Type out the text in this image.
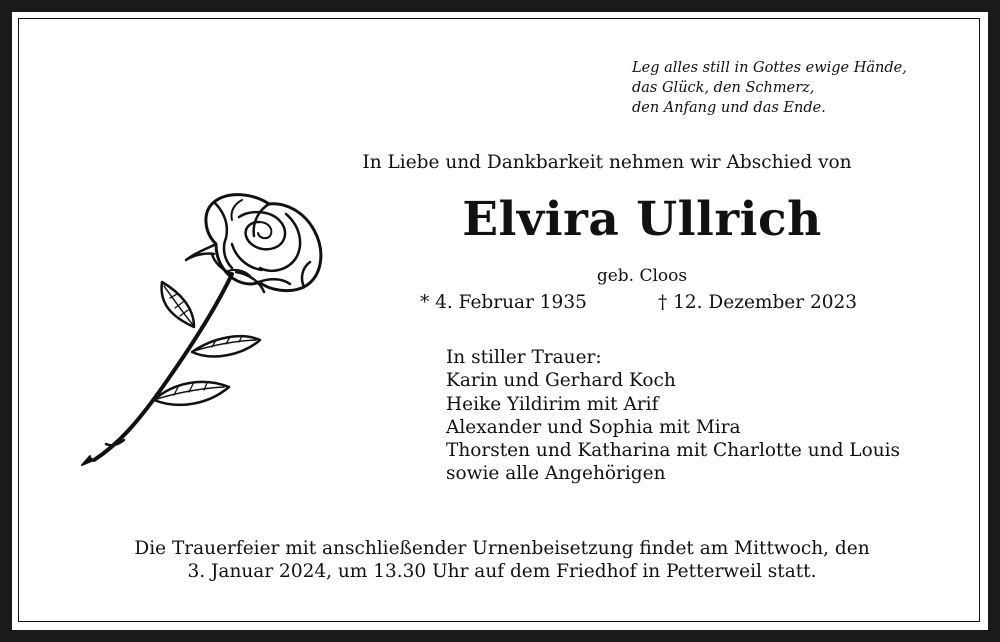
Leg alles still in Gottes ewige Hände,
das Glück, den Schmerz,
den Anfang und das Ende.
In Liebe und Dankbarkeit nehmen wir Abschied von
Elvira Ullrich
geb. Cloos
* 4. Februar 1935	† 12. Dezember 2023
In stiller Trauer:
Karin und Gerhard Koch
Heike Yildirim mit Arif
Alexander und Sophia mit Mira
Thorsten und Katharina mit Charlotte und Louis
sowie alle Angehörigen
Die Trauerfeier mit anschließender Urnenbeisetzung findet am Mittwoch, den
3. Januar 2024, um 13.30 Uhr auf dem Friedhof in Petterweil statt.
